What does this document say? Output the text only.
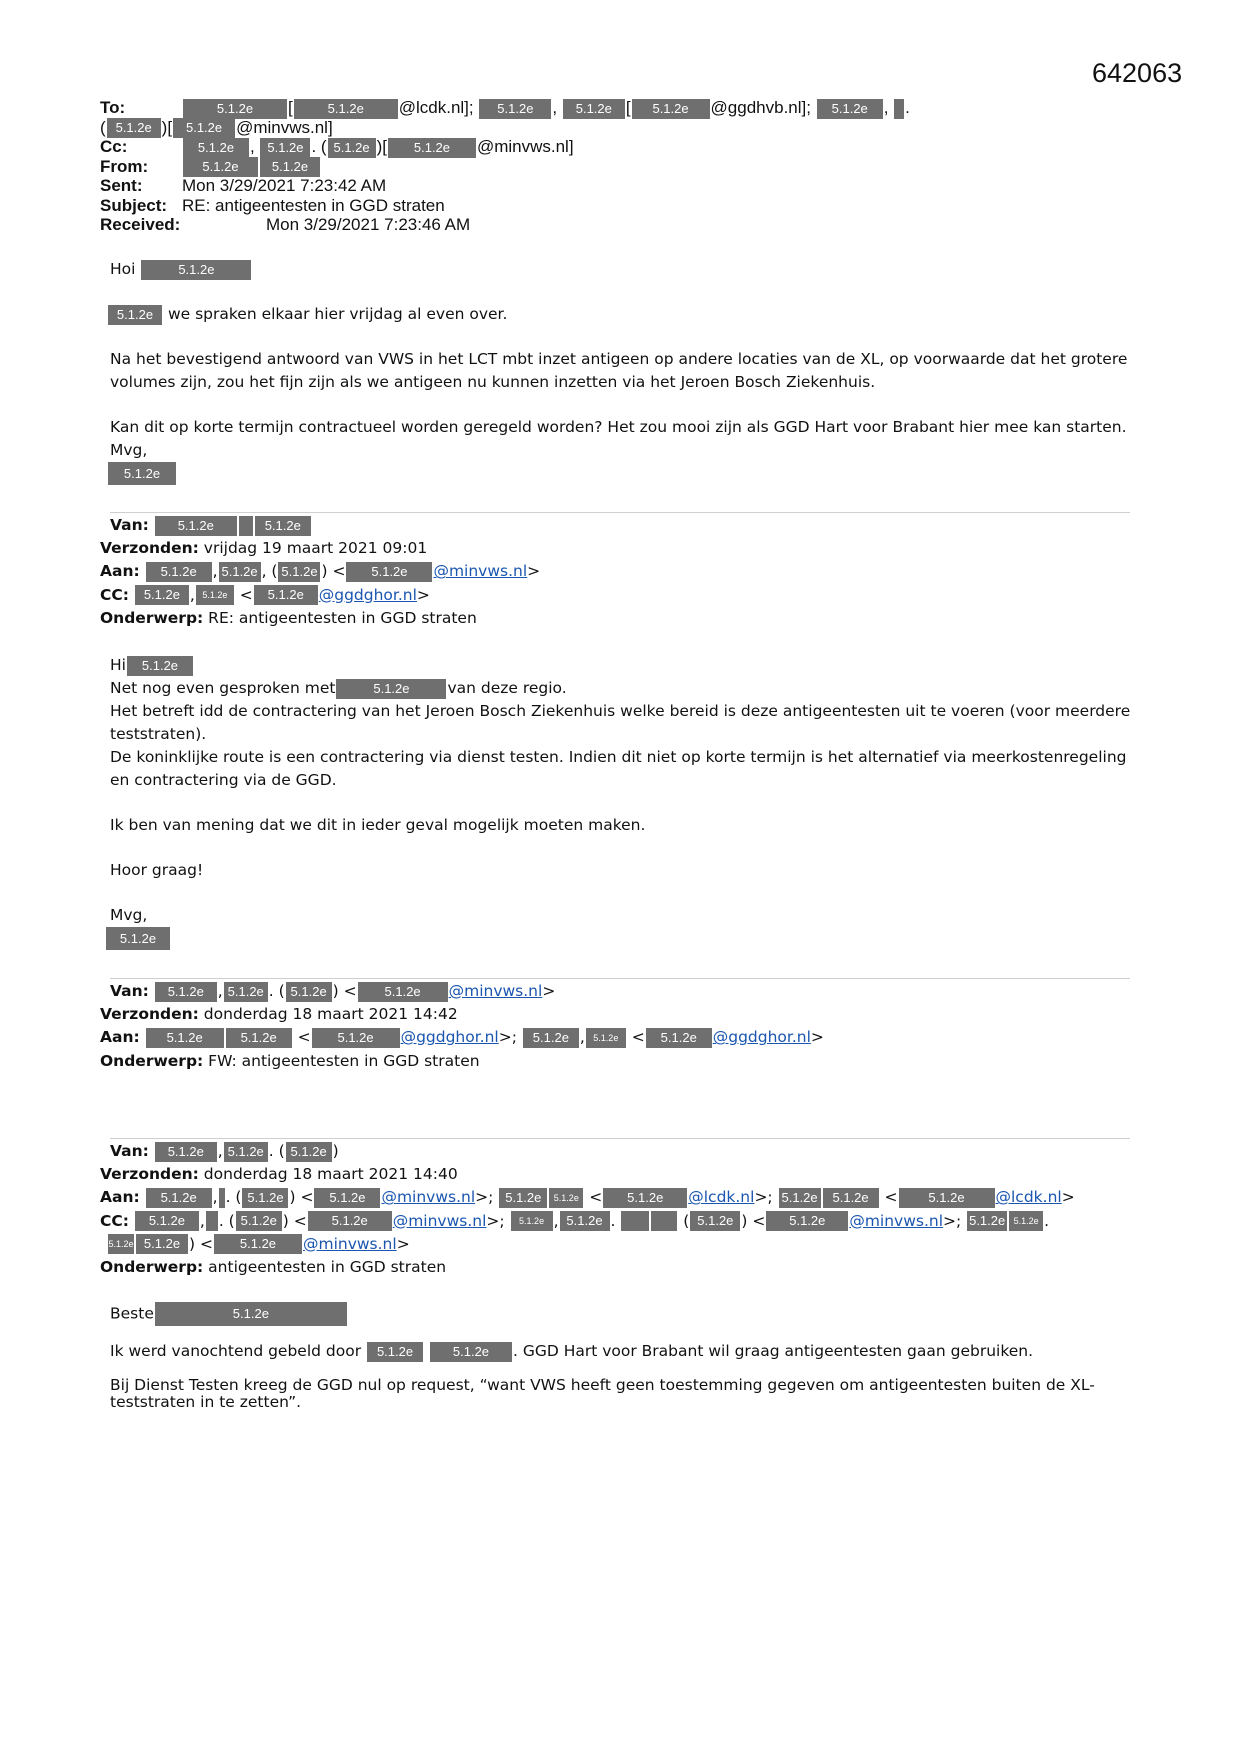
642063
To:	5.1.2e [	5.1.2e @lcdk.nl]; 5.1.2e , 5.1.2e [ 5.1.2e @ggdhvb.nl]; 5.1.2e , .
( 5.1.2e )[ 5.1.2e @minvws.nl]
Cc:	5.1.2e , 5.1.2e . ( 5.1.2e )[ 5.1.2e @minvws.nl]
From:	5.1.2e	5.1.2e
Sent: Mon 3/29/2021 7:23:42 AM
Subject: RE: antigeentesten in GGD straten
Received:	Mon 3/29/2021 7:23:46 AM

Hoi	5.1.2e

5.1.2e we spraken elkaar hier vrijdag al even over.

Na het bevestigend antwoord van VWS in het LCT mbt inzet antigeen op andere locaties van de XL, op voorwaarde dat het grotere volumes zijn, zou het fijn zijn als we antigeen nu kunnen inzetten via het Jeroen Bosch Ziekenhuis.

Kan dit op korte termijn contractueel worden geregeld worden? Het zou mooi zijn als GGD Hart voor Brabant hier mee kan starten.

Mvg,

5.1.2e

Van: 5.1.2e	5.1.2e
Verzonden: vrijdag 19 maart 2021 09:01
Aan: 5.1.2e , 5.1.2e , ( 5.1.2e ) < 5.1.2e @minvws.nl>
CC: 5.1.2e , 5.1.2e < 5.1.2e @ggdghor.nl>
Onderwerp: RE: antigeentesten in GGD straten

Hi 5.1.2e

Net nog even gesproken met	5.1.2e van deze regio.

Het betreft idd de contractering van het Jeroen Bosch Ziekenhuis welke bereid is deze antigeentesten uit te voeren (voor meerdere teststraten).

De koninklijke route is een contractering via dienst testen. Indien dit niet op korte termijn is het alternatief via meerkostenregeling en contractering via de GGD.

Ik ben van mening dat we dit in ieder geval mogelijk moeten maken.

Hoor graag!

Mvg,

5.1.2e

Van: 5.1.2e , 5.1.2e . ( 5.1.2e ) < 5.1.2e @minvws.nl>
Verzonden: donderdag 18 maart 2021 14:42
Aan: 5.1.2e	5.1.2e < 5.1.2e @ggdghor.nl>; 5.1.2e , 5.1.2e < 5.1.2e @ggdghor.nl>
Onderwerp: FW: antigeentesten in GGD straten
Van: 5.1.2e , 5.1.2e . ( 5.1.2e )
Verzonden: donderdag 18 maart 2021 14:40
Aan: 5.1.2e , . ( 5.1.2e ) < 5.1.2e @minvws.nl>; 5.1.2e 5.1.2e < 5.1.2e @lcdk.nl>; 5.1.2e 5.1.2e < 5.1.2e @lcdk.nl>
CC: 5.1.2e , . ( 5.1.2e ) < 5.1.2e @minvws.nl>; 5.1.2e , 5.1.2e .	( 5.1.2e ) < 5.1.2e @minvws.nl>; 5.1.2e 5.1.2e .
5.1.2e 5.1.2e ) < 5.1.2e @minvws.nl>
Onderwerp: antigeentesten in GGD straten

Beste	5.1.2e

Ik werd vanochtend gebeld door 5.1.2e	5.1.2e . GGD Hart voor Brabant wil graag antigeentesten gaan gebruiken.

Bij Dienst Testen kreeg de GGD nul op request, “want VWS heeft geen toestemming gegeven om antigeentesten buiten de XL-teststraten in te zetten”.
